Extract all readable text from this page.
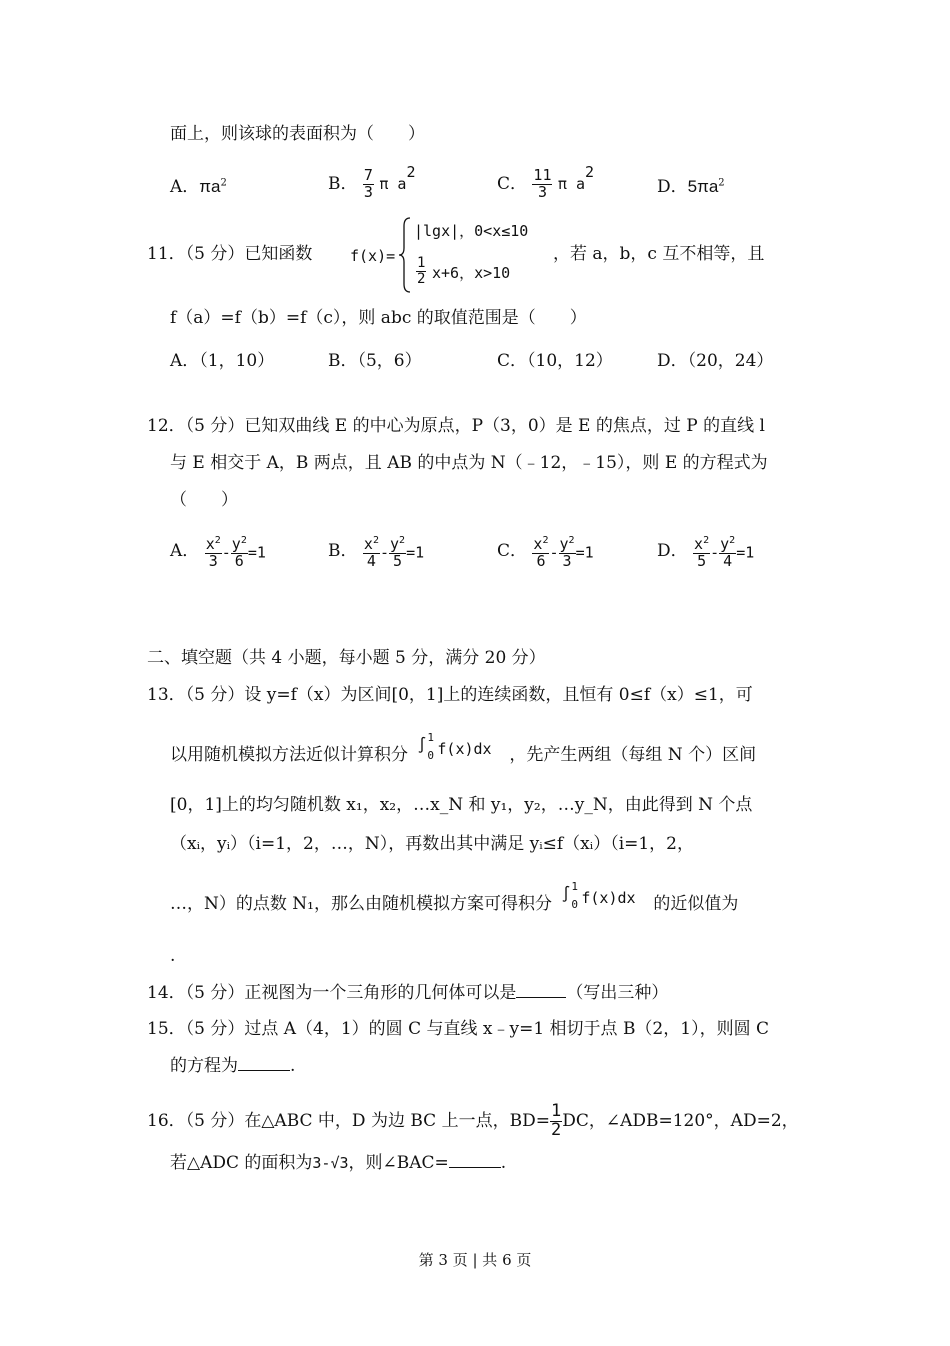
面上，则该球的表面积为（　　）
A．$\pi a^2$	B． $\frac{7}{3}$ π $a^2$
C． $\frac{11}{3}$ π $a^2$
D．$5\pi a^2$
11．（5 分）已知函数	f(x)=
|lgx|，0<x≤10
$\frac{1}{2} x+6$，x>10
，若 a，b，c 互不相等，且
f（a）=f（b）=f（c），则 abc 的取值范围是（　　）
A．（1，10）	B．（5，6）	C．（10，12）	D．（20，24）
12．（5 分）已知双曲线 E 的中心为原点，P（3，0）是 E 的焦点，过 P 的直线 l
与 E 相交于 A，B 两点，且 AB 的中点为 N（﹣12，﹣15），则 E 的方程式为
（　　）
A． $\frac{x^2}{3} - \frac{y^2}{6} =1$	B． $\frac{x^2}{4} - \frac{y^2}{5} =1$	C． $\frac{x^2}{6} - \frac{y^2}{3} =1$	D． $\frac{x^2}{5} - \frac{y^2}{4} =1$
二、填空题（共 4 小题，每小题 5 分，满分 20 分）
13．（5 分）设 y=f（x）为区间[0，1]上的连续函数，且恒有 0≤f（x）≤1，可
以用随机模拟方法近似计算积分 ∫ 1
0 f(x)dx ，先产生两组（每组 N 个）区间
[0，1]上的均匀随机数 x₁，x₂，…x_N 和 y₁，y₂，…y_N，由此得到 N 个点
（xᵢ，yᵢ）（i=1，2，…，N），再数出其中满足 yᵢ≤f（xᵢ）（i=1，2，
…，N）的点数 N₁，那么由随机模拟方案可得积分 ∫ 1
0 f(x)dx 的近似值为
.
14．（5 分）正视图为一个三角形的几何体可以是	（写出三种）
15．（5 分）过点 A（4，1）的圆 C 与直线 x﹣y=1 相切于点 B（2，1），则圆 C
的方程为	.
16．（5 分）在△ABC 中，D 为边 BC 上一点，$BD= \frac{1}{2}$ DC，∠ADB=120°，AD=2，
若△ADC 的面积为3-√3，则∠BAC=	.
第 3 页 | 共 6 页
